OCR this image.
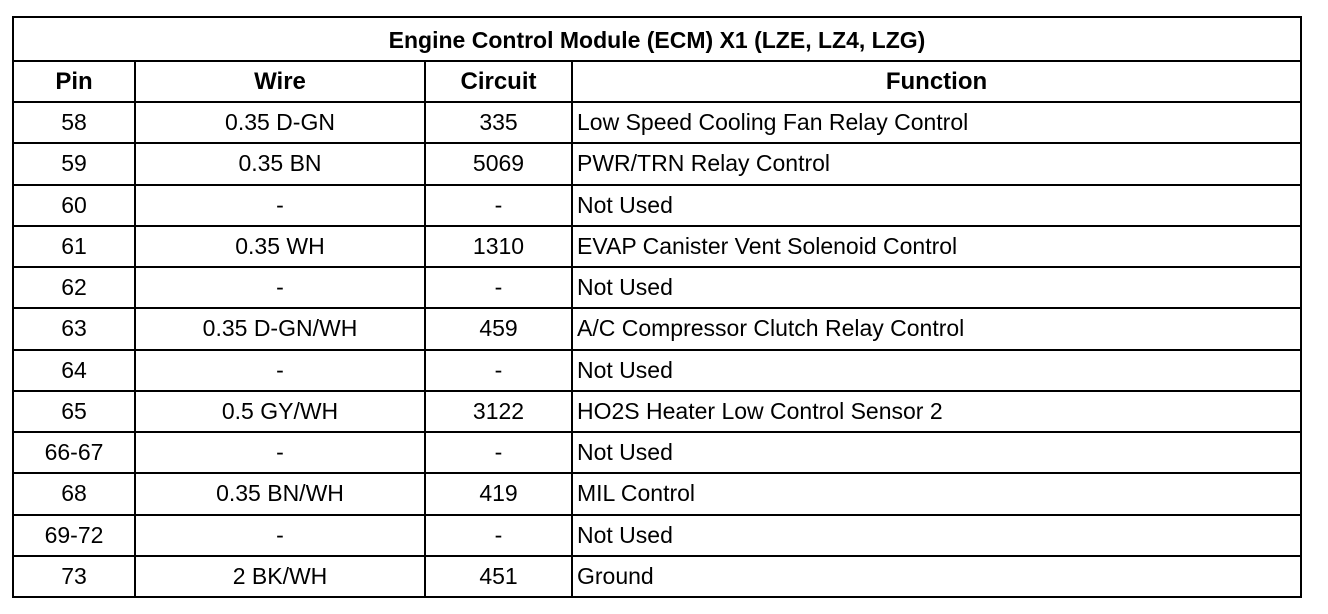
Engine Control Module (ECM) X1 (LZE, LZ4, LZG)			
Pin	Wire	Circuit	Function
58	0.35 D-GN	335	Low Speed Cooling Fan Relay Control
59	0.35 BN	5069	PWR/TRN Relay Control
60	-	-	Not Used
61	0.35 WH	1310	EVAP Canister Vent Solenoid Control
62	-	-	Not Used
63	0.35 D-GN/WH	459	A/C Compressor Clutch Relay Control
64	-	-	Not Used
65	0.5 GY/WH	3122	HO2S Heater Low Control Sensor 2
66-67	-	-	Not Used
68	0.35 BN/WH	419	MIL Control
69-72	-	-	Not Used
73	2 BK/WH	451	Ground
